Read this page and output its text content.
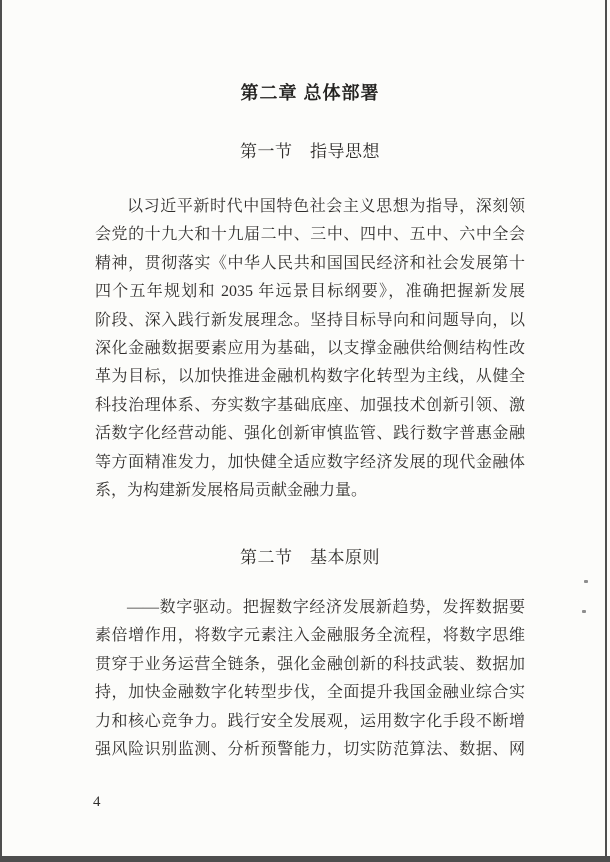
第二章 总体部署
第一节　指导思想
以习近平新时代中国特色社会主义思想为指导，深刻领
会党的十九大和十九届二中、三中、四中、五中、六中全会
精神，贯彻落实《中华人民共和国国民经济和社会发展第十
四个五年规划和 2035 年远景目标纲要》，准确把握新发展
阶段、深入践行新发展理念。坚持目标导向和问题导向，以
深化金融数据要素应用为基础，以支撑金融供给侧结构性改
革为目标，以加快推进金融机构数字化转型为主线，从健全
科技治理体系、夯实数字基础底座、加强技术创新引领、激
活数字化经营动能、强化创新审慎监管、践行数字普惠金融
等方面精准发力，加快健全适应数字经济发展的现代金融体
系，为构建新发展格局贡献金融力量。
第二节　基本原则
——数字驱动。把握数字经济发展新趋势，发挥数据要
素倍增作用，将数字元素注入金融服务全流程，将数字思维
贯穿于业务运营全链条，强化金融创新的科技武装、数据加
持，加快金融数字化转型步伐，全面提升我国金融业综合实
力和核心竞争力。践行安全发展观，运用数字化手段不断增
强风险识别监测、分析预警能力，切实防范算法、数据、网
4
